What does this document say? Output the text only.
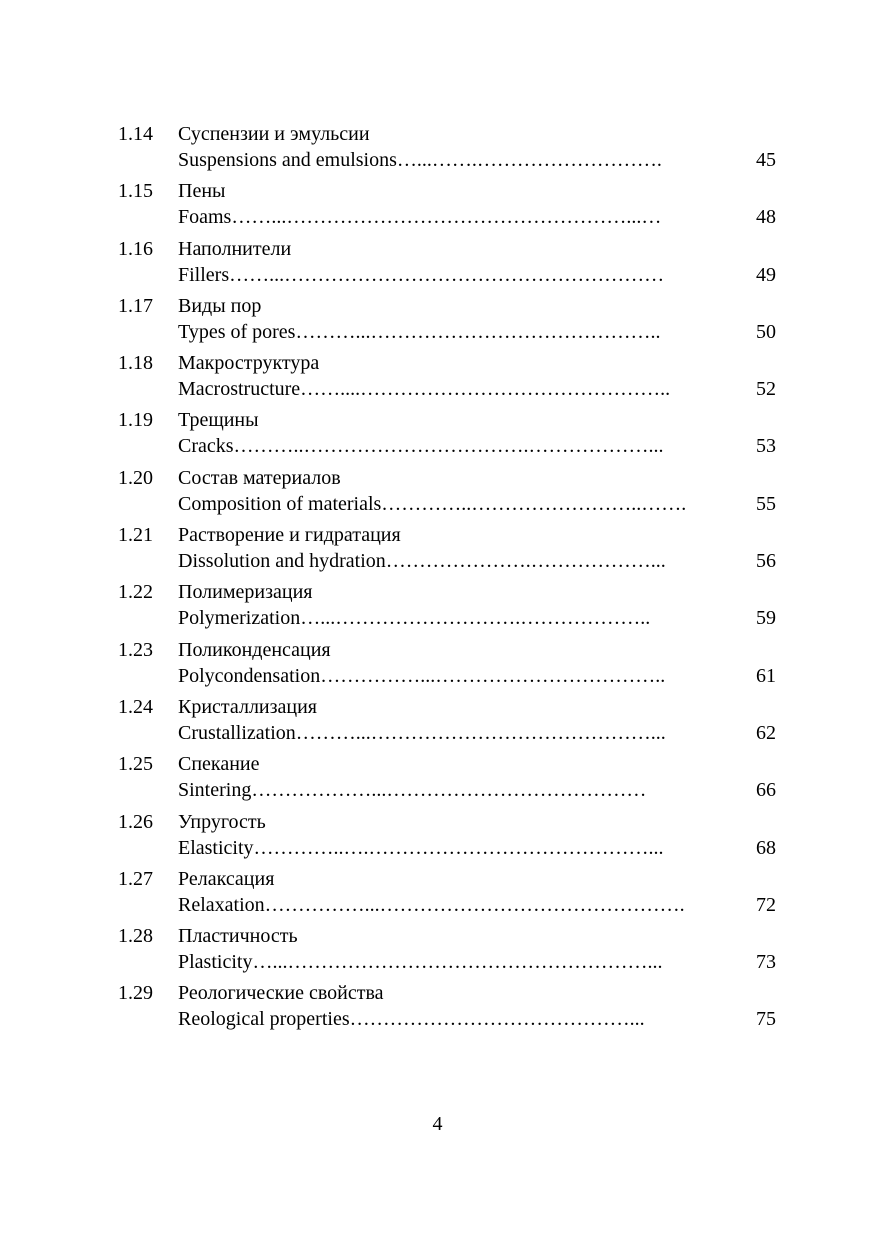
1.14 Суспензии и эмульсии
Suspensions and emulsions…...…….……………………….	45
1.15 Пены
Foams……...……………………………………………...…	48
1.16 Наполнители
Fillers……...…………………………………………………	49
1.17 Виды пор
Types of pores………...……………………………………..	50
1.18 Макроструктура
Macrostructure……....………………………………………..	52
1.19 Трещины
Cracks………..…………………………….………………...	53
1.20 Состав материалов
Composition of materials…………..……………………..…….	55
1.21 Растворение и гидратация
Dissolution and hydration………………….………………...	56
1.22 Полимеризация
Polymerization…...……………………….………………..	59
1.23 Поликонденсация
Polycondensation……………...……………………………..	61
1.24 Кристаллизация
Crustallization………...……………………………………...	62
1.25 Спекание
Sintering………………...…………………………………	66
1.26 Упругость
Elasticity…………..….……………………………………...	68
1.27 Релаксация
Relaxation……………...……………………………………….	72
1.28 Пластичность
Plasticity…...………………………………………………...	73
1.29 Реологические свойства
Reological properties……………………………………...	75
4
